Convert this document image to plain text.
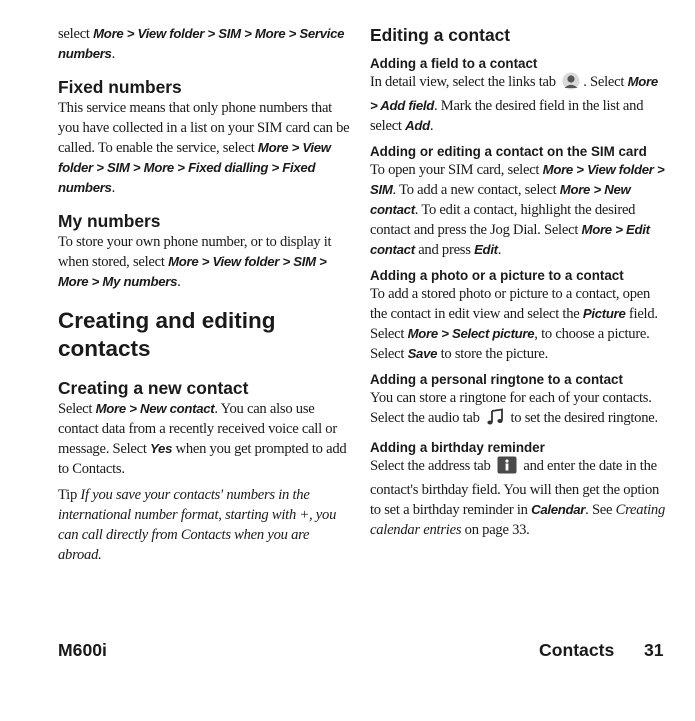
select More > View folder > SIM > More > Service numbers.

Fixed numbers

This service means that only phone numbers that you have collected in a list on your SIM card can be called. To enable the service, select More > View folder > SIM > More > Fixed dialling > Fixed numbers.

My numbers

To store your own phone number, or to display it when stored, select More > View folder > SIM > More > My numbers.

Creating and editing contacts
Creating a new contact

Select More > New contact. You can also use contact data from a recently received voice call or message. Select Yes when you get prompted to add to Contacts.

Tip If you save your contacts' numbers in the international number format, starting with +, you can call directly from Contacts when you are abroad.

Editing a contact
Adding a field to a contact

In detail view, select the links tab . Select More > Add field. Mark the desired field in the list and select Add.

Adding or editing a contact on the SIM card

To open your SIM card, select More > View folder > SIM. To add a new contact, select More > New contact. To edit a contact, highlight the desired contact and press the Jog Dial. Select More > Edit contact and press Edit.

Adding a photo or a picture to a contact

To add a stored photo or picture to a contact, open the contact in edit view and select the Picture field. Select More > Select picture, to choose a picture. Select Save to store the picture.

Adding a personal ringtone to a contact

You can store a ringtone for each of your contacts. Select the audio tab  to set the desired ringtone.

Adding a birthday reminder

Select the address tab  and enter the date in the contact's birthday field. You will then get the option to set a birthday reminder in Calendar. See Creating calendar entries on page 33.

M600i	Contacts 31
